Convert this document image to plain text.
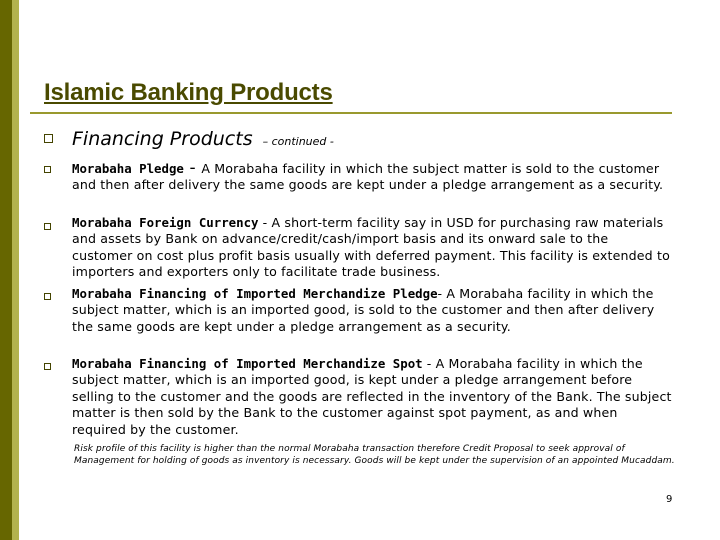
Islamic Banking Products
Financing Products – continued -
Morabaha Pledge - A Morabaha facility in which the subject matter is sold to the customer and then after delivery the same goods are kept under a pledge arrangement as a security.
Morabaha Foreign Currency - A short-term facility say in USD for purchasing raw materials and assets by Bank on advance/credit/cash/import basis and its onward sale to the customer on cost plus profit basis usually with deferred payment. This facility is extended to importers and exporters only to facilitate trade business.
Morabaha Financing of Imported Merchandize Pledge- A Morabaha facility in which the subject matter, which is an imported good, is sold to the customer and then after delivery the same goods are kept under a pledge arrangement as a security.
Morabaha Financing of Imported Merchandize Spot - A Morabaha facility in which the subject matter, which is an imported good, is kept under a pledge arrangement before selling to the customer and the goods are reflected in the inventory of the Bank. The subject matter is then sold by the Bank to the customer against spot payment, as and when required by the customer.
Risk profile of this facility is higher than the normal Morabaha transaction therefore Credit Proposal to seek approval of Management for holding of goods as inventory is necessary. Goods will be kept under the supervision of an appointed Mucaddam.
9
